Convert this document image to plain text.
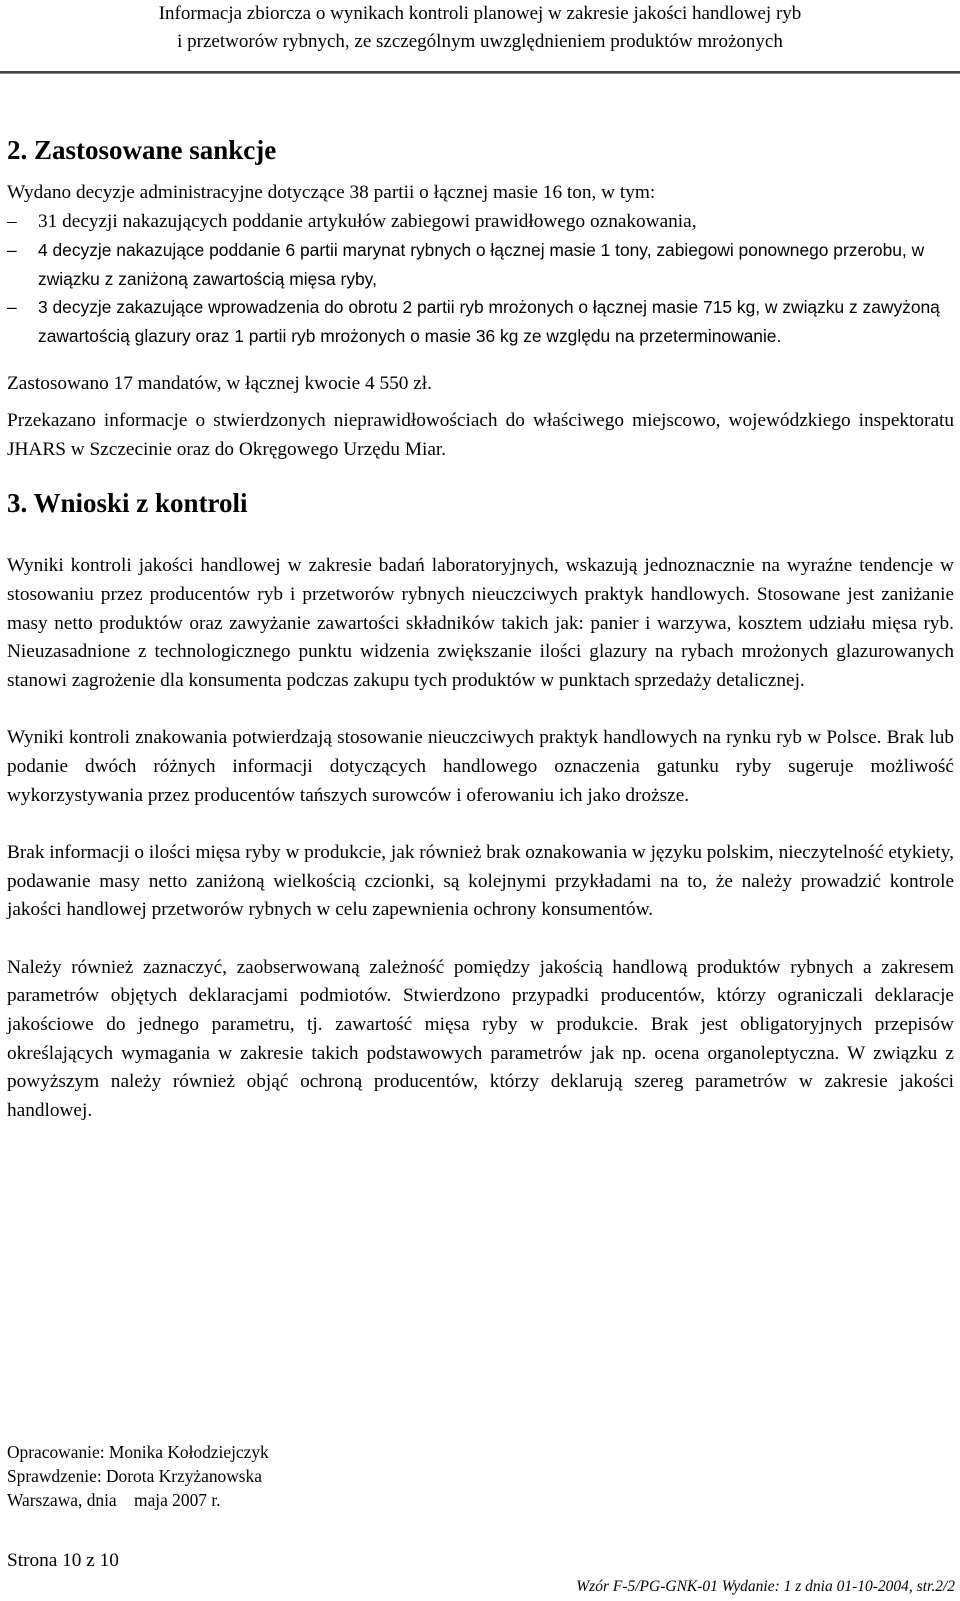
Informacja zbiorcza o wynikach kontroli planowej w zakresie jakości handlowej ryb
i przetworów rybnych, ze szczególnym uwzględnieniem produktów mrożonych
2. Zastosowane sankcje

Wydano decyzje administracyjne dotyczące 38 partii o łącznej masie 16 ton, w tym:

– 31 decyzji nakazujących poddanie artykułów zabiegowi prawidłowego oznakowania,
– 4 decyzje nakazujące poddanie 6 partii marynat rybnych o łącznej masie 1 tony, zabiegowi ponownego przerobu, w związku z zaniżoną zawartością mięsa ryby,
– 3 decyzje zakazujące wprowadzenia do obrotu 2 partii ryb mrożonych o łącznej masie 715 kg, w związku z zawyżoną zawartością glazury oraz 1 partii ryb mrożonych o masie 36 kg ze względu na przeterminowanie.

Zastosowano 17 mandatów, w łącznej kwocie 4 550 zł.

Przekazano informacje o stwierdzonych nieprawidłowościach do właściwego miejscowo, wojewódzkiego inspektoratu JHARS w Szczecinie oraz do Okręgowego Urzędu Miar.

3. Wnioski z kontroli

Wyniki kontroli jakości handlowej w zakresie badań laboratoryjnych, wskazują jednoznacznie na wyraźne tendencje w stosowaniu przez producentów ryb i przetworów rybnych nieuczciwych praktyk handlowych. Stosowane jest zaniżanie masy netto produktów oraz zawyżanie zawartości składników takich jak: panier i warzywa, kosztem udziału mięsa ryb. Nieuzasadnione z technologicznego punktu widzenia zwiększanie ilości glazury na rybach mrożonych glazurowanych stanowi zagrożenie dla konsumenta podczas zakupu tych produktów w punktach sprzedaży detalicznej.

Wyniki kontroli znakowania potwierdzają stosowanie nieuczciwych praktyk handlowych na rynku ryb w Polsce. Brak lub podanie dwóch różnych informacji dotyczących handlowego oznaczenia gatunku ryby sugeruje możliwość wykorzystywania przez producentów tańszych surowców i oferowaniu ich jako droższe.

Brak informacji o ilości mięsa ryby w produkcie, jak również brak oznakowania w języku polskim, nieczytelność etykiety, podawanie masy netto zaniżoną wielkością czcionki, są kolejnymi przykładami na to, że należy prowadzić kontrole jakości handlowej przetworów rybnych w celu zapewnienia ochrony konsumentów.

Należy również zaznaczyć, zaobserwowaną zależność pomiędzy jakością handlową produktów rybnych a zakresem parametrów objętych deklaracjami podmiotów. Stwierdzono przypadki producentów, którzy ograniczali deklaracje jakościowe do jednego parametru, tj. zawartość mięsa ryby w produkcie. Brak jest obligatoryjnych przepisów określających wymagania w zakresie takich podstawowych parametrów jak np. ocena organoleptyczna. W związku z powyższym należy również objąć ochroną producentów, którzy deklarują szereg parametrów w zakresie jakości handlowej.

Opracowanie: Monika Kołodziejczyk
Sprawdzenie: Dorota Krzyżanowska
Warszawa, dnia    maja 2007 r.
Strona 10 z 10
Wzór F-5/PG-GNK-01 Wydanie: 1 z dnia 01-10-2004, str.2/2
